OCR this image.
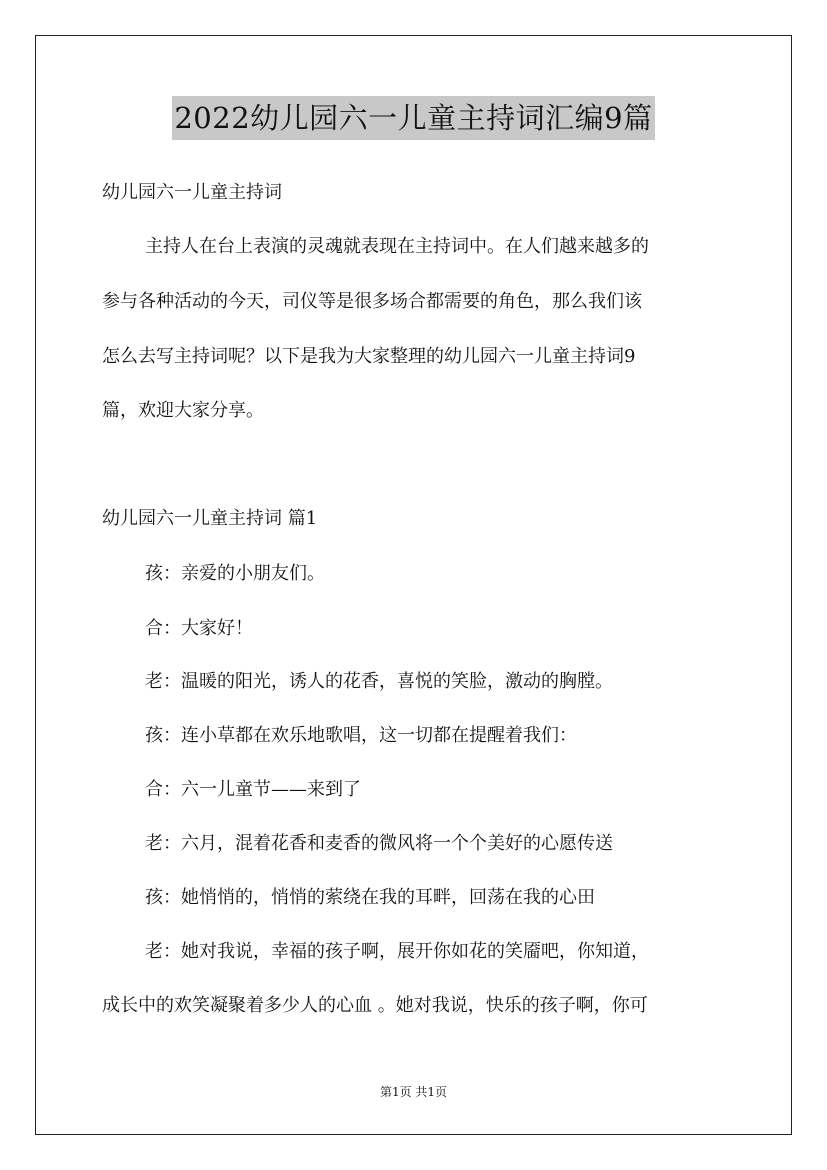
2022幼儿园六一儿童主持词汇编9篇
幼儿园六一儿童主持词
主持人在台上表演的灵魂就表现在主持词中。在人们越来越多的
参与各种活动的今天，司仪等是很多场合都需要的角色，那么我们该
怎么去写主持词呢？以下是我为大家整理的幼儿园六一儿童主持词9
篇，欢迎大家分享。
幼儿园六一儿童主持词 篇1
孩：亲爱的小朋友们。
合：大家好！
老：温暖的阳光，诱人的花香，喜悦的笑脸，激动的胸膛。
孩：连小草都在欢乐地歌唱，这一切都在提醒着我们：
合：六一儿童节——来到了
老：六月，混着花香和麦香的微风将一个个美好的心愿传送
孩：她悄悄的，悄悄的萦绕在我的耳畔，回荡在我的心田
老：她对我说，幸福的孩子啊，展开你如花的笑靥吧，你知道，
成长中的欢笑凝聚着多少人的心血 。她对我说，快乐的孩子啊，你可
第1页 共1页
